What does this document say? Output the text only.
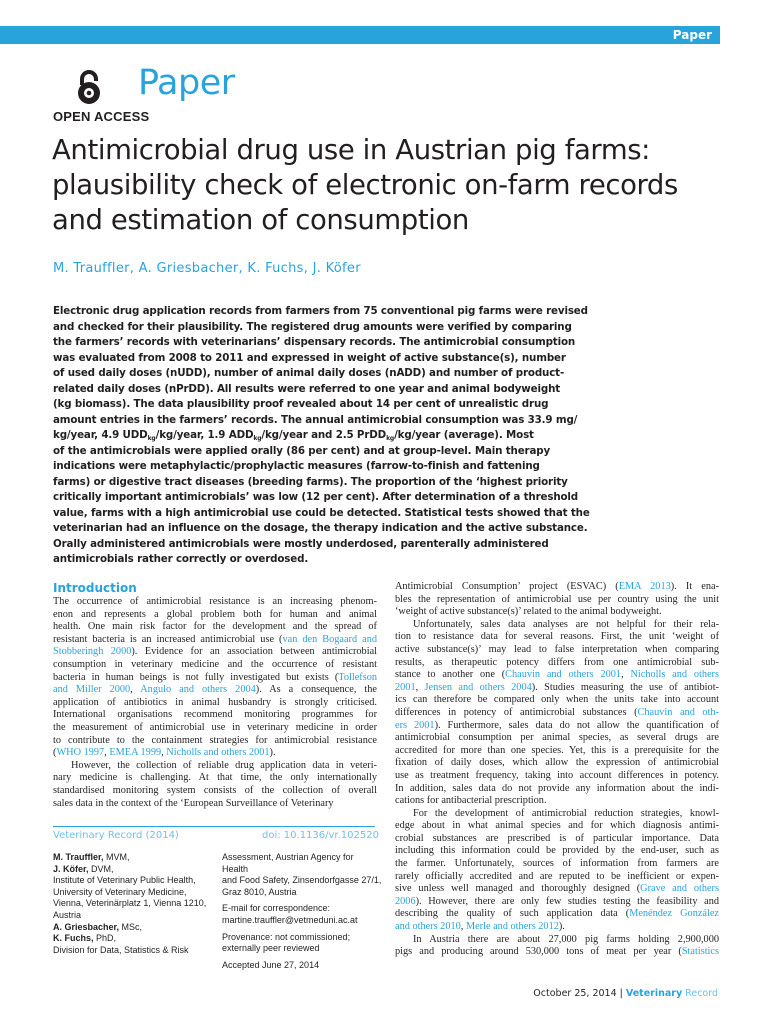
Paper
Paper
OPEN ACCESS
Antimicrobial drug use in Austrian pig farms:
plausibility check of electronic on-farm records
and estimation of consumption
M. Trauffler, A. Griesbacher, K. Fuchs, J. Köfer
Electronic drug application records from farmers from 75 conventional pig farms were revised
and checked for their plausibility. The registered drug amounts were verified by comparing
the farmers’ records with veterinarians’ dispensary records. The antimicrobial consumption
was evaluated from 2008 to 2011 and expressed in weight of active substance(s), number
of used daily doses (nUDD), number of animal daily doses (nADD) and number of product-
related daily doses (nPrDD). All results were referred to one year and animal bodyweight
(kg biomass). The data plausibility proof revealed about 14 per cent of unrealistic drug
amount entries in the farmers’ records. The annual antimicrobial consumption was 33.9 mg/
kg/year, 4.9 $UDD_{kg}/kg$/year, 1.9 $ADD_{kg}/kg$/year and 2.5 PrDD$_{kg}$/kg/year (average). Most
of the antimicrobials were applied orally (86 per cent) and at group-level. Main therapy
indications were metaphylactic/prophylactic measures (farrow-to-finish and fattening
farms) or digestive tract diseases (breeding farms). The proportion of the ‘highest priority
critically important antimicrobials’ was low (12 per cent). After determination of a threshold
value, farms with a high antimicrobial use could be detected. Statistical tests showed that the
veterinarian had an influence on the dosage, the therapy indication and the active substance.
Orally administered antimicrobials were mostly underdosed, parenterally administered
antimicrobials rather correctly or overdosed.
Introduction
The occurrence of antimicrobial resistance is an increasing phenom-
enon and represents a global problem both for human and animal
health. One main risk factor for the development and the spread of
resistant bacteria is an increased antimicrobial use (van den Bogaard and
Stobberingh 2000). Evidence for an association between antimicrobial
consumption in veterinary medicine and the occurrence of resistant
bacteria in human beings is not fully investigated but exists (Tollefson
and Miller 2000, Angulo and others 2004). As a consequence, the
application of antibiotics in animal husbandry is strongly criticised.
International organisations recommend monitoring programmes for
the measurement of antimicrobial use in veterinary medicine in order
to contribute to the containment strategies for antimicrobial resistance
(WHO 1997, EMEA 1999, Nicholls and others 2001).
However, the collection of reliable drug application data in veteri-
nary medicine is challenging. At that time, the only internationally
standardised monitoring system consists of the collection of overall
sales data in the context of the ‘European Surveillance of Veterinary
Antimicrobial Consumption’ project (ESVAC) (EMA 2013). It ena-
bles the representation of antimicrobial use per country using the unit
‘weight of active substance(s)’ related to the animal bodyweight.
Unfortunately, sales data analyses are not helpful for their rela-
tion to resistance data for several reasons. First, the unit ‘weight of
active substance(s)’ may lead to false interpretation when comparing
results, as therapeutic potency differs from one antimicrobial sub-
stance to another one (Chauvin and others 2001, Nicholls and others
2001, Jensen and others 2004). Studies measuring the use of antibiot-
ics can therefore be compared only when the units take into account
differences in potency of antimicrobial substances (Chauvin and oth-
ers 2001). Furthermore, sales data do not allow the quantification of
antimicrobial consumption per animal species, as several drugs are
accredited for more than one species. Yet, this is a prerequisite for the
fixation of daily doses, which allow the expression of antimicrobial
use as treatment frequency, taking into account differences in potency.
In addition, sales data do not provide any information about the indi-
cations for antibacterial prescription.
For the development of antimicrobial reduction strategies, knowl-
edge about in what animal species and for which diagnosis antimi-
crobial substances are prescribed is of particular importance. Data
including this information could be provided by the end-user, such as
the farmer. Unfortunately, sources of information from farmers are
rarely officially accredited and are reputed to be inefficient or expen-
sive unless well managed and thoroughly designed (Grave and others
2006). However, there are only few studies testing the feasibility and
describing the quality of such application data (Menéndez González
and others 2010, Merle and others 2012).
In Austria there are about 27,000 pig farms holding 2,900,000
pigs and producing around 530,000 tons of meat per year (Statistics
Veterinary Record (2014)	doi: 10.1136/vr.102520
M. Trauffler, MVM,
J. Köfer, DVM,
Institute of Veterinary Public Health,
University of Veterinary Medicine,
Vienna, Veterinärplatz 1, Vienna 1210,
Austria
A. Griesbacher, MSc,
K. Fuchs, PhD,
Division for Data, Statistics & Risk

Assessment, Austrian Agency for Health
and Food Safety, Zinsendorfgasse 27/1,
Graz 8010, Austria

E-mail for correspondence:
martine.trauffler@vetmeduni.ac.at

Provenance: not commissioned;
externally peer reviewed

Accepted June 27, 2014

October 25, 2014 | Veterinary Record
